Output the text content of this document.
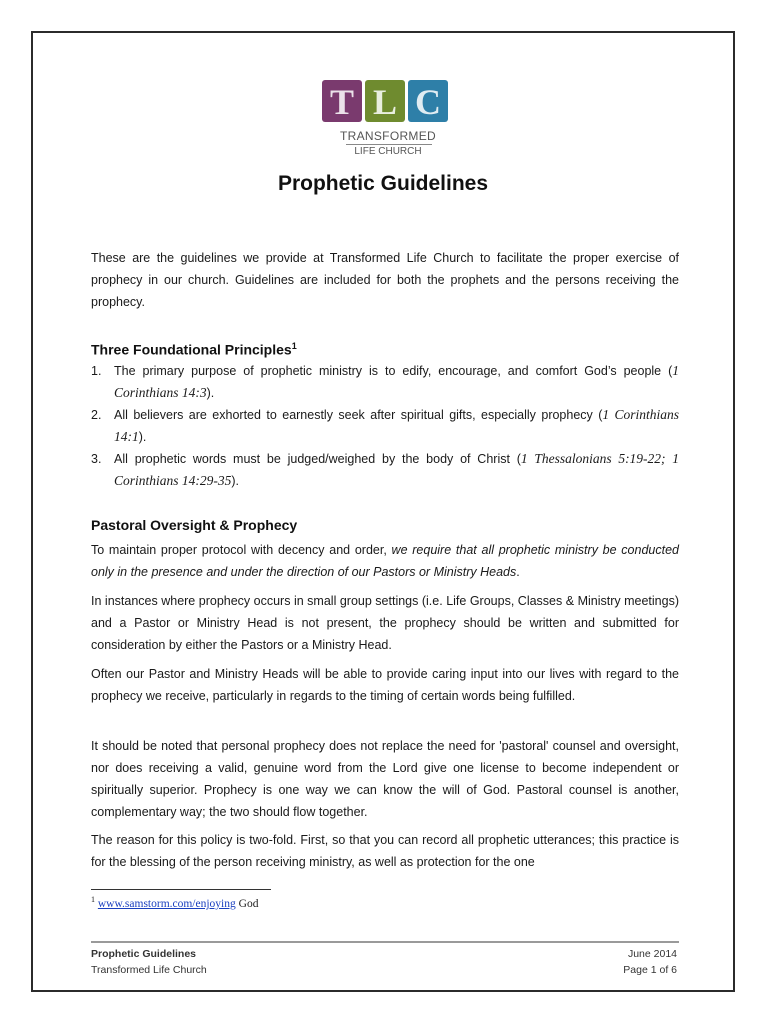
T L C
TRANSFORMED
LIFE CHURCH
Prophetic Guidelines

These are the guidelines we provide at Transformed Life Church to facilitate the proper exercise of prophecy in our church. Guidelines are included for both the prophets and the persons receiving the prophecy.

Three Foundational Principles$^1$
1. The primary purpose of prophetic ministry is to edify, encourage, and comfort God’s people (1 Corinthians 14:3).
2. All believers are exhorted to earnestly seek after spiritual gifts, especially prophecy (1 Corinthians 14:1).
3. All prophetic words must be judged/weighed by the body of Christ (1 Thessalonians 5:19-22; 1 Corinthians 14:29-35).
Pastoral Oversight & Prophecy

To maintain proper protocol with decency and order, we require that all prophetic ministry be conducted only in the presence and under the direction of our Pastors or Ministry Heads.

In instances where prophecy occurs in small group settings (i.e. Life Groups, Classes & Ministry meetings) and a Pastor or Ministry Head is not present, the prophecy should be written and submitted for consideration by either the Pastors or a Ministry Head.

Often our Pastor and Ministry Heads will be able to provide caring input into our lives with regard to the prophecy we receive, particularly in regards to the timing of certain words being fulfilled.

It should be noted that personal prophecy does not replace the need for 'pastoral' counsel and oversight, nor does receiving a valid, genuine word from the Lord give one license to become independent or spiritually superior. Prophecy is one way we can know the will of God. Pastoral counsel is another, complementary way; the two should flow together.

The reason for this policy is two-fold. First, so that you can record all prophetic utterances; this practice is for the blessing of the person receiving ministry, as well as protection for the one

$^1$ www.samstorm.com/enjoying God
Prophetic Guidelines
Transformed Life Church
June 2014
Page 1 of 6
